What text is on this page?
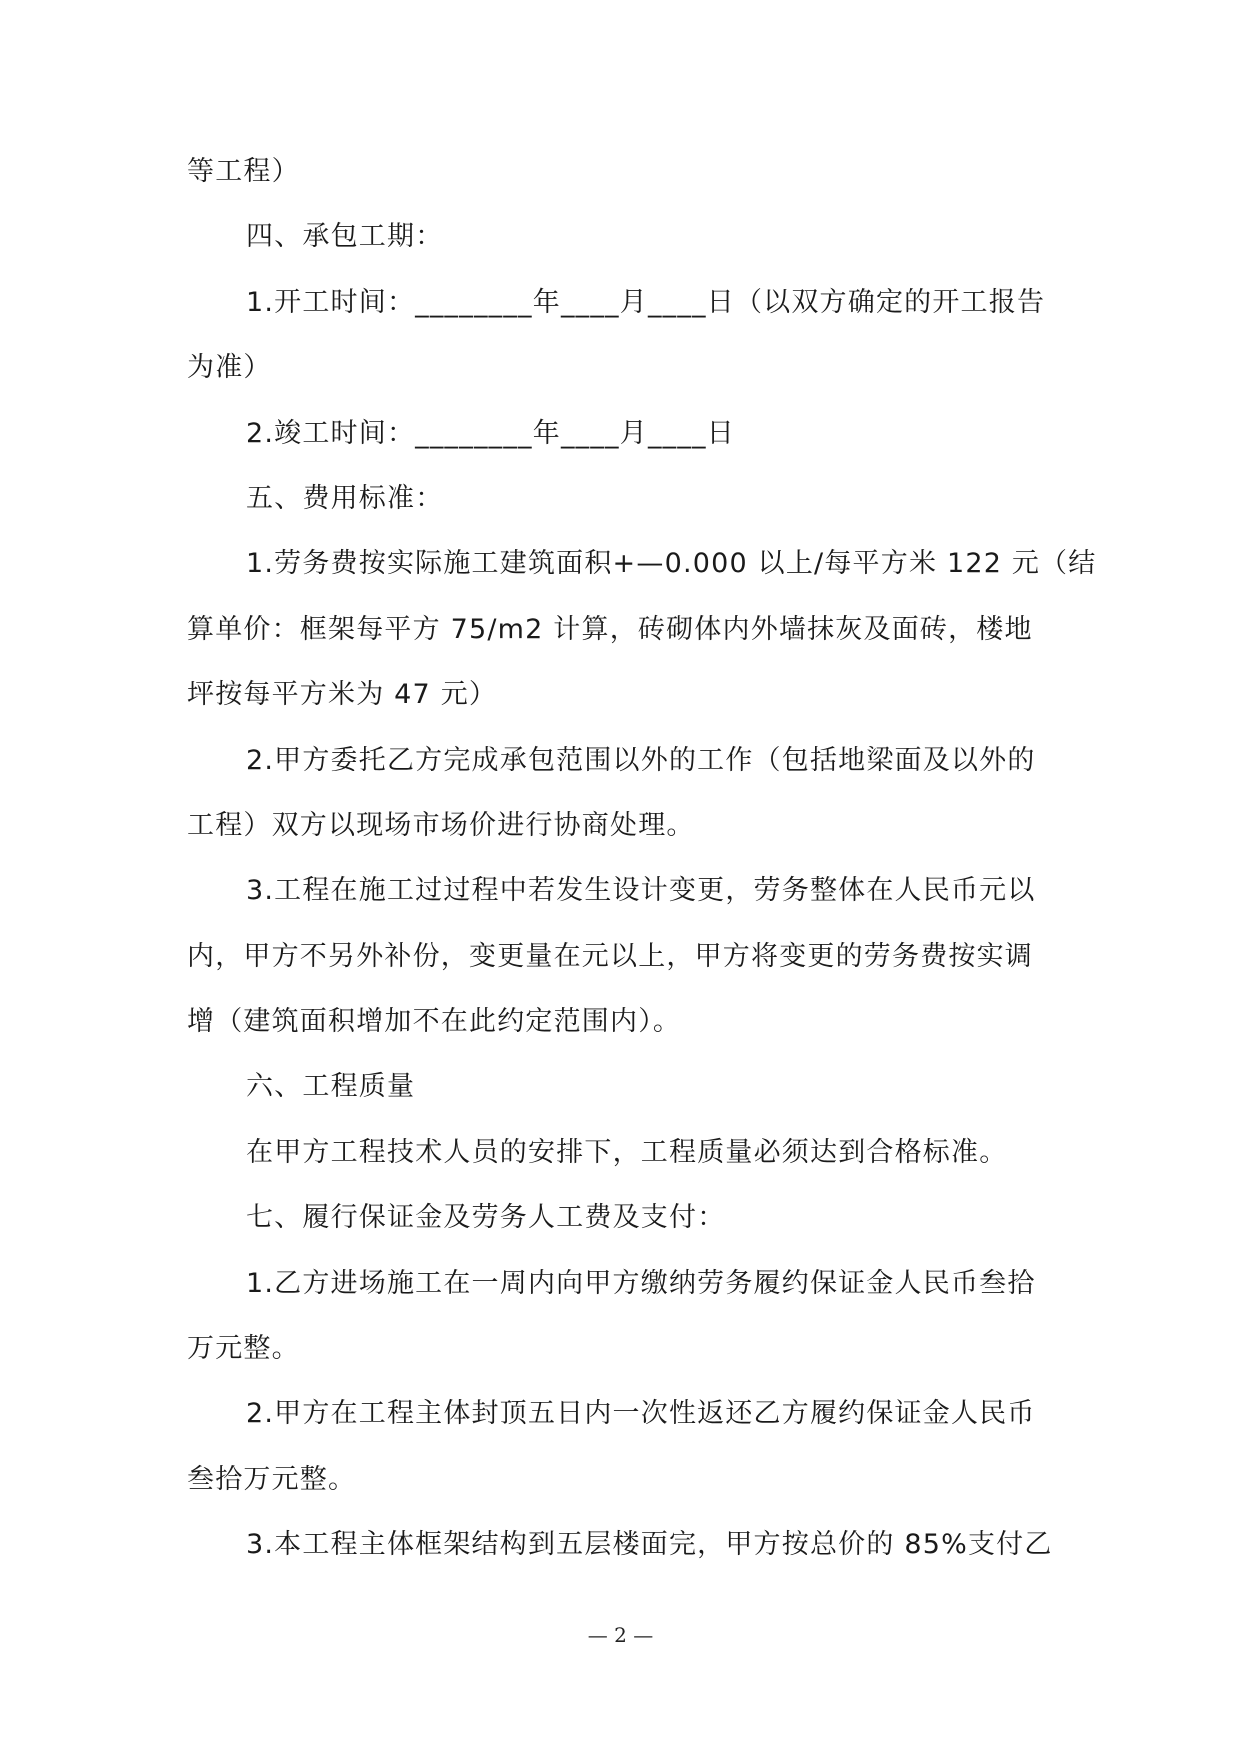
等工程）
四、承包工期：
1.开工时间：________年____月____日（以双方确定的开工报告
为准）
2.竣工时间：________年____月____日
五、费用标准：
1.劳务费按实际施工建筑面积+—0.000 以上/每平方米 122 元（结
算单价：框架每平方 75/m2 计算，砖砌体内外墙抹灰及面砖，楼地
坪按每平方米为 47 元）
2.甲方委托乙方完成承包范围以外的工作（包括地梁面及以外的
工程）双方以现场市场价进行协商处理。
3.工程在施工过过程中若发生设计变更，劳务整体在人民币元以
内，甲方不另外补份，变更量在元以上，甲方将变更的劳务费按实调
增（建筑面积增加不在此约定范围内）。
六、工程质量
在甲方工程技术人员的安排下，工程质量必须达到合格标准。
七、履行保证金及劳务人工费及支付：
1.乙方进场施工在一周内向甲方缴纳劳务履约保证金人民币叁拾
万元整。
2.甲方在工程主体封顶五日内一次性返还乙方履约保证金人民币
叁拾万元整。
3.本工程主体框架结构到五层楼面完，甲方按总价的 85%支付乙
— 2 —
